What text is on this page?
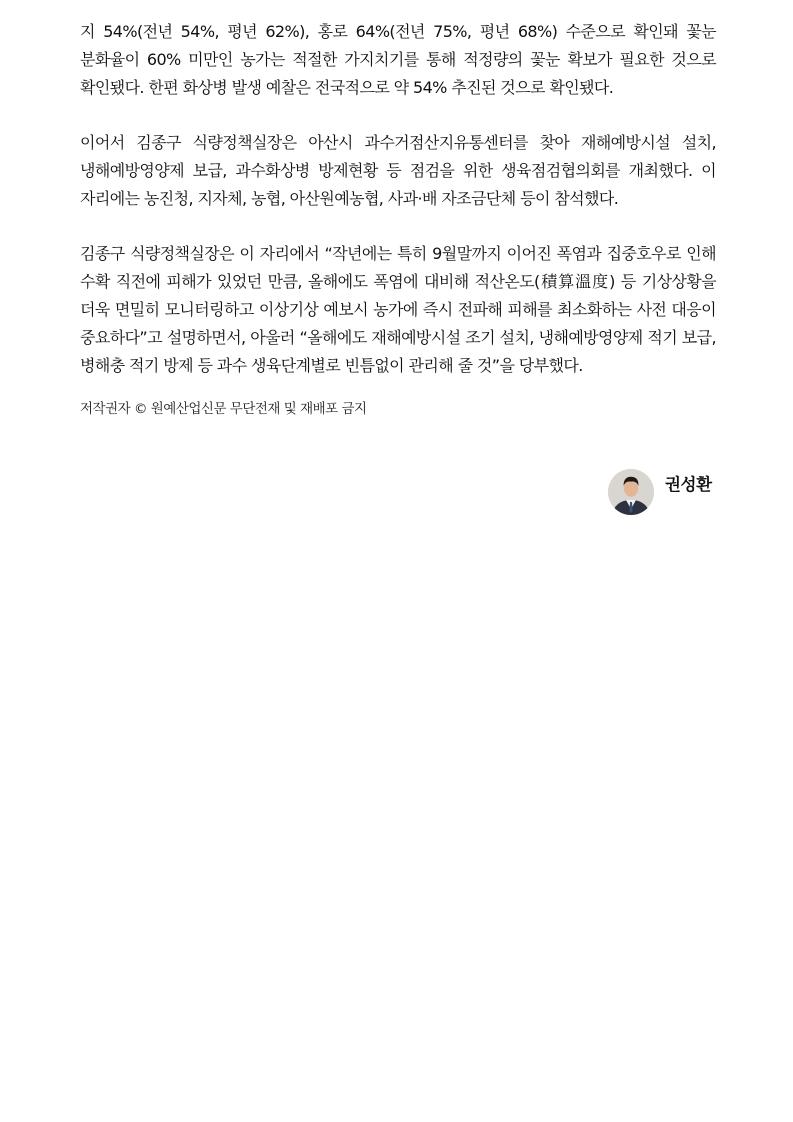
지 54%(전년 54%, 평년 62%), 홍로 64%(전년 75%, 평년 68%) 수준으로 확인돼 꽃눈 분화율이 60% 미만인 농가는 적절한 가지치기를 통해 적정량의 꽃눈 확보가 필요한 것으로 확인됐다. 한편 화상병 발생 예찰은 전국적으로 약 54% 추진된 것으로 확인됐다.

이어서 김종구 식량정책실장은 아산시 과수거점산지유통센터를 찾아 재해예방시설 설치, 냉해예방영양제 보급, 과수화상병 방제현황 등 점검을 위한 생육점검협의회를 개최했다. 이 자리에는 농진청, 지자체, 농협, 아산원예농협, 사과·배 자조금단체 등이 참석했다.

김종구 식량정책실장은 이 자리에서 “작년에는 특히 9월말까지 이어진 폭염과 집중호우로 인해 수확 직전에 피해가 있었던 만큼, 올해에도 폭염에 대비해 적산온도(積算溫度) 등 기상상황을 더욱 면밀히 모니터링하고 이상기상 예보시 농가에 즉시 전파해 피해를 최소화하는 사전 대응이 중요하다”고 설명하면서, 아울러 “올해에도 재해예방시설 조기 설치, 냉해예방영양제 적기 보급, 병해충 적기 방제 등 과수 생육단계별로 빈틈없이 관리해 줄 것”을 당부했다.

저작권자 © 원예산업신문 무단전재 및 재배포 금지
권성환
